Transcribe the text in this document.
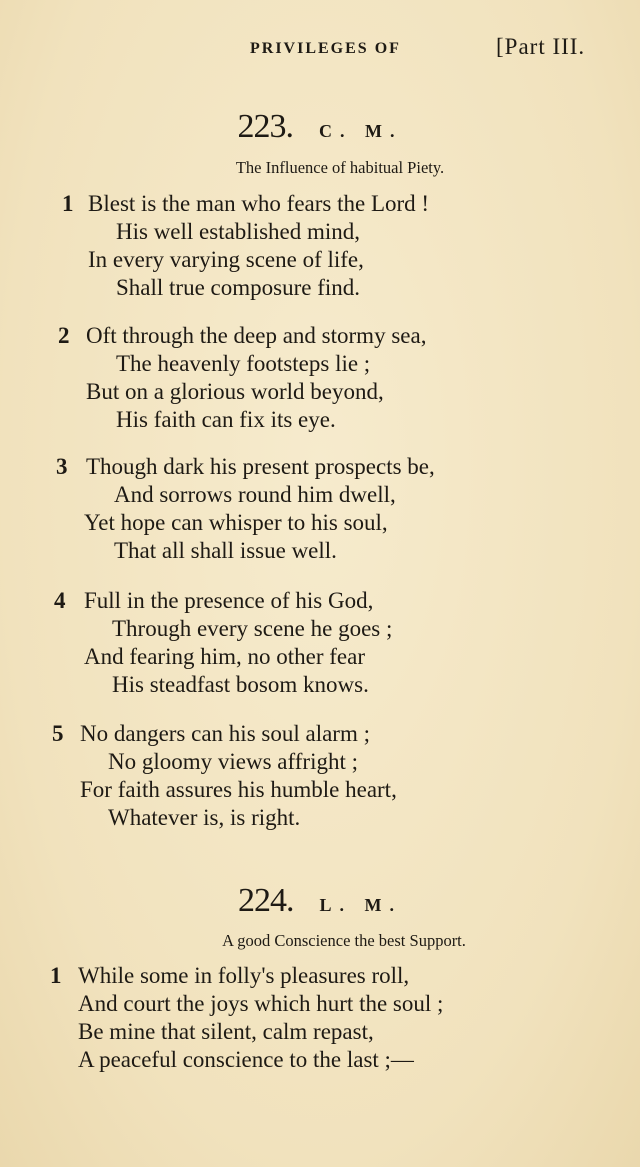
PRIVILEGES OF	[Part III.
223. C. M.
The Influence of habitual Piety.
1 Blest is the man who fears the Lord !
His well established mind,
In every varying scene of life,
Shall true composure find.
2 Oft through the deep and stormy sea,
The heavenly footsteps lie ;
But on a glorious world beyond,
His faith can fix its eye.
3 Though dark his present prospects be,
And sorrows round him dwell,
Yet hope can whisper to his soul,
That all shall issue well.
4 Full in the presence of his God,
Through every scene he goes ;
And fearing him, no other fear
His steadfast bosom knows.
5 No dangers can his soul alarm ;
No gloomy views affright ;
For faith assures his humble heart,
Whatever is, is right.
224. L. M.
A good Conscience the best Support.
1 While some in folly's pleasures roll,
And court the joys which hurt the soul ;
Be mine that silent, calm repast,
A peaceful conscience to the last ;—
